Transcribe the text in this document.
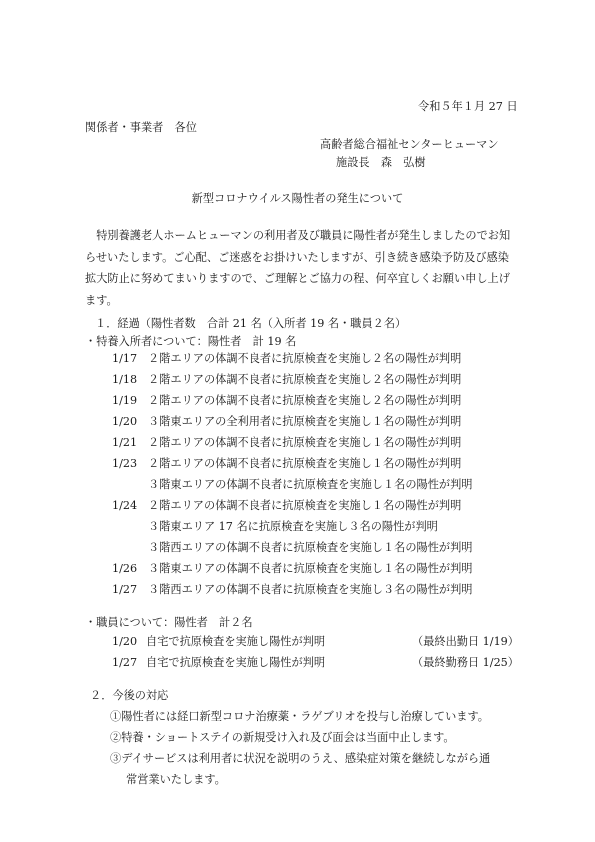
令和５年１月 27 日
関係者・事業者　各位
高齢者総合福祉センターヒューマン
施設長　森　弘樹
新型コロナウイルス陽性者の発生について
特別養護老人ホームヒューマンの利用者及び職員に陽性者が発生しましたのでお知らせいたします。ご心配、ご迷惑をお掛けいたしますが、引き続き感染予防及び感染拡大防止に努めてまいりますので、ご理解とご協力の程、何卒宜しくお願い申し上げます。
１．経過（陽性者数　合計 21 名（入所者 19 名・職員２名）
・特養入所者について：陽性者　計 19 名
1/17 ２階エリアの体調不良者に抗原検査を実施し２名の陽性が判明
1/18 ２階エリアの体調不良者に抗原検査を実施し２名の陽性が判明
1/19 ２階エリアの体調不良者に抗原検査を実施し２名の陽性が判明
1/20 ３階東エリアの全利用者に抗原検査を実施し１名の陽性が判明
1/21 ２階エリアの体調不良者に抗原検査を実施し１名の陽性が判明
1/23 ２階エリアの体調不良者に抗原検査を実施し１名の陽性が判明
３階東エリアの体調不良者に抗原検査を実施し１名の陽性が判明
1/24 ２階エリアの体調不良者に抗原検査を実施し１名の陽性が判明
３階東エリア 17 名に抗原検査を実施し３名の陽性が判明
３階西エリアの体調不良者に抗原検査を実施し１名の陽性が判明
1/26 ３階東エリアの体調不良者に抗原検査を実施し１名の陽性が判明
1/27 ３階西エリアの体調不良者に抗原検査を実施し３名の陽性が判明
・職員について：陽性者　計２名
1/20 自宅で抗原検査を実施し陽性が判明	（最終出勤日 1/19）
1/27 自宅で抗原検査を実施し陽性が判明	（最終勤務日 1/25）
２．今後の対応
①陽性者には経口新型コロナ治療薬・ラゲブリオを投与し治療しています。
②特養・ショートステイの新規受け入れ及び面会は当面中止します。
③デイサービスは利用者に状況を説明のうえ、感染症対策を継続しながら通
常営業いたします。
